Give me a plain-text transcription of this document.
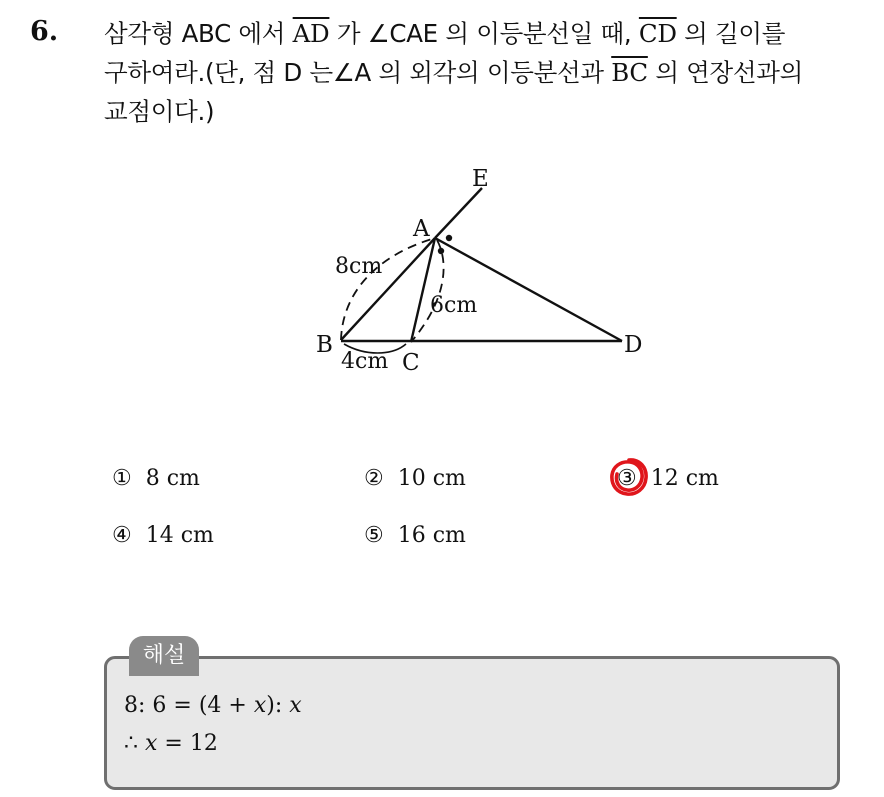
6. 삼각형 ABC 에서 $\overline{AD}$ 가 ∠CAE 의 이등분선일 때, $\overline{CD}$ 의 길이를
구하여라.(단, 점 D 는∠A 의 외각의 이등분선과 $\overline{BC}$ 의 연장선과의
교점이다.)
E
A
B
C
D
8cm
6cm
4cm
① 8 cm	② 10 cm	③ 12 cm
④ 14 cm	⑤ 16 cm
해설
8: 6 = (4 + x): x
∴ x = 12
